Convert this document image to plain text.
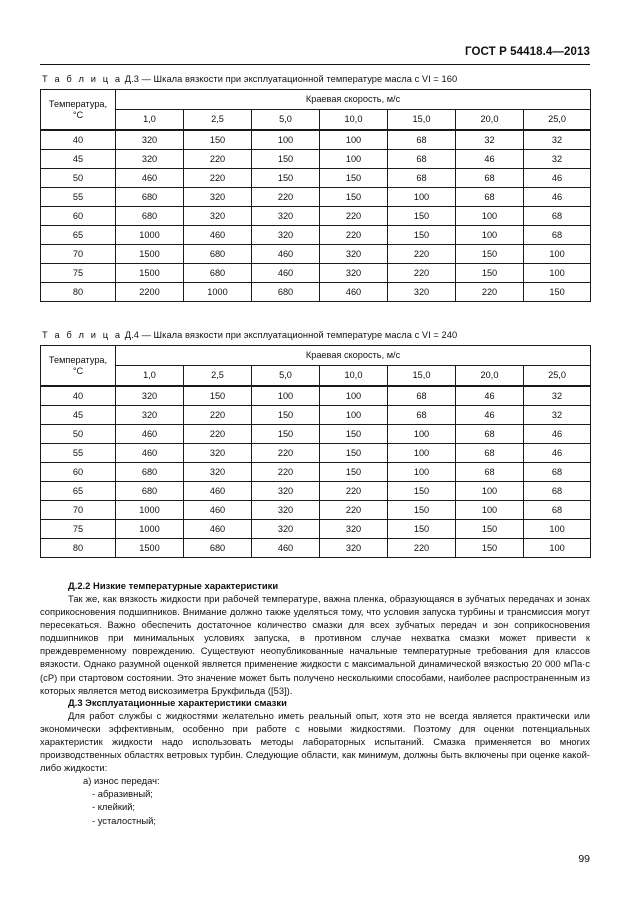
ГОСТ Р 54418.4—2013
Т а б л и ц а Д.3 — Шкала вязкости при эксплуатационной температуре масла с VI = 160
Температура,
°C	Краевая скорость, м/с						
	1,0	2,5	5,0	10,0	15,0	20,0	25,0
40	320	150	100	100	68	32	32
45	320	220	150	100	68	46	32
50	460	220	150	150	68	68	46
55	680	320	220	150	100	68	46
60	680	320	320	220	150	100	68
65	1000	460	320	220	150	100	68
70	1500	680	460	320	220	150	100
75	1500	680	460	320	220	150	100
80	2200	1000	680	460	320	220	150
Т а б л и ц а Д.4 — Шкала вязкости при эксплуатационной температуре масла с VI = 240
Температура,
°C	Краевая скорость, м/с						
	1,0	2,5	5,0	10,0	15,0	20,0	25,0
40	320	150	100	100	68	46	32
45	320	220	150	100	68	46	32
50	460	220	150	150	100	68	46
55	460	320	220	150	100	68	46
60	680	320	220	150	100	68	68
65	680	460	320	220	150	100	68
70	1000	460	320	220	150	100	68
75	1000	460	320	320	150	150	100
80	1500	680	460	320	220	150	100
Д.2.2 Низкие температурные характеристики

Так же, как вязкость жидкости при рабочей температуре, важна пленка, образующаяся в зубчатых передачах и зонах соприкосновения подшипников. Внимание должно также уделяться тому, что условия запуска турбины и трансмиссия могут пересекаться. Важно обеспечить достаточное количество смазки для всех зубчатых передач и зон соприкосновения подшипников при минимальных условиях запуска, в противном случае нехватка смазки может привести к преждевременному повреждению. Существуют неопубликованные начальные температурные требования для классов вязкости. Однако разумной оценкой является применение жидкости с максимальной динамической вязкостью 20 000 мПа·с (сР) при стартовом состоянии. Это значение может быть получено несколькими способами, наиболее распространенным из которых является метод вискозиметра Брукфильда ([53]).

Д.3 Эксплуатационные характеристики смазки

Для работ службы с жидкостями желательно иметь реальный опыт, хотя это не всегда является практически или экономически эффективным, особенно при работе с новыми жидкостями. Поэтому для оценки потенциальных характеристик жидкости надо использовать методы лабораторных испытаний. Смазка применяется во многих производственных областях ветровых турбин. Следующие области, как минимум, должны быть включены при оценке какой-либо жидкости:

а) износ передач:
- абразивный;
- клейкий;
- усталостный;
99
